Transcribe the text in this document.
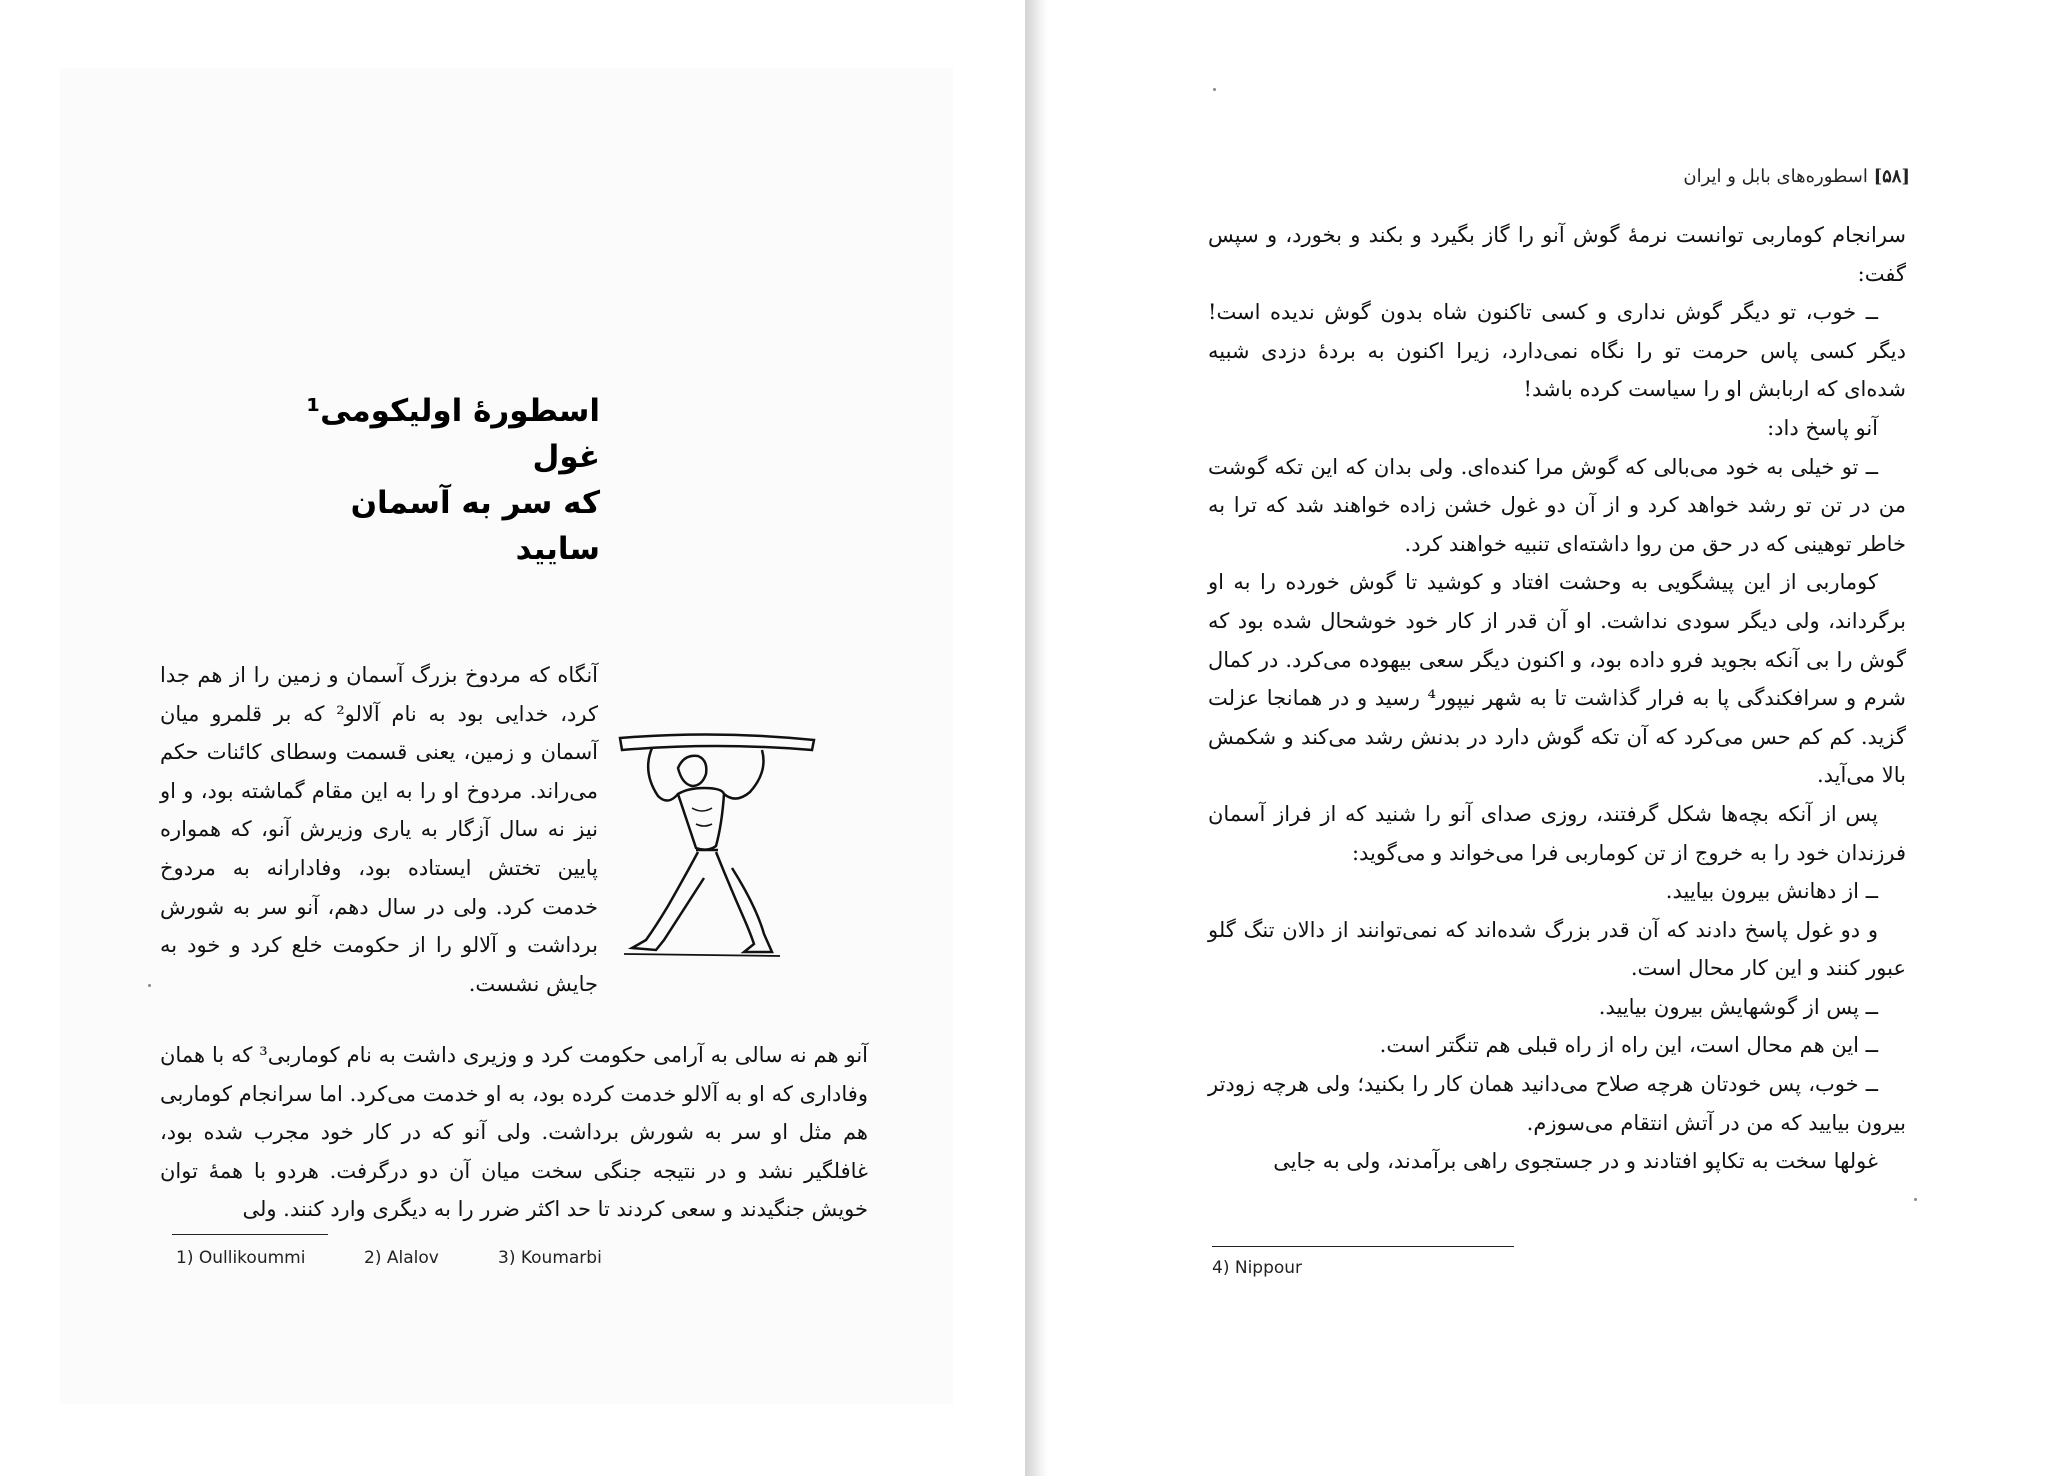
اسطورهٔ اولیکومی¹ غول
که سر به آسمان سایید
آنگاه که مردوخ بزرگ آسمان و زمین را از هم جدا کرد، خدایی بود به نام آلالو² که بر قلمرو میان آسمان و زمین، یعنی قسمت وسطای کائنات حکم می‌راند. مردوخ او را به این مقام گماشته بود، و او نیز نه سال آزگار به یاری وزیرش آنو، که همواره پایین تختش ایستاده بود، وفادارانه به مردوخ خدمت کرد. ولی در سال دهم، آنو سر به شورش برداشت و آلالو را از حکومت خلع کرد و خود به جایش نشست.
آنو هم نه سالی به آرامی حکومت کرد و وزیری داشت به نام کوماربی³ که با همان وفاداری که او به آلالو خدمت کرده بود، به او خدمت می‌کرد. اما سرانجام کوماربی هم مثل او سر به شورش برداشت. ولی آنو که در کار خود مجرب شده بود، غافلگیر نشد و در نتیجه جنگی سخت میان آن دو درگرفت. هردو با همهٔ توان خویش جنگیدند و سعی کردند تا حد اکثر ضرر را به دیگری وارد کنند. ولی
1) Oullikoummi	2) Alalov	3) Koumarbi
[۵۸] اسطوره‌های بابل و ایران

سرانجام کوماربی توانست نرمهٔ گوش آنو را گاز بگیرد و بکند و بخورد، و سپس گفت:

ــ خوب، تو دیگر گوش نداری و کسی تاکنون شاه بدون گوش ندیده است! دیگر کسی پاس حرمت تو را نگاه نمی‌دارد، زیرا اکنون به بردهٔ دزدی شبیه شده‌ای که اربابش او را سیاست کرده باشد!

آنو پاسخ داد:

ــ تو خیلی به خود می‌بالی که گوش مرا کنده‌ای. ولی بدان که این تکه گوشت من در تن تو رشد خواهد کرد و از آن دو غول خشن زاده خواهند شد که ترا به خاطر توهینی که در حق من روا داشته‌ای تنبیه خواهند کرد.

کوماربی از این پیشگویی به وحشت افتاد و کوشید تا گوش خورده را به او برگرداند، ولی دیگر سودی نداشت. او آن قدر از کار خود خوشحال شده بود که گوش را بی آنکه بجوید فرو داده بود، و اکنون دیگر سعی بیهوده می‌کرد. در کمال شرم و سرافکندگی پا به فرار گذاشت تا به شهر نیپور⁴ رسید و در همانجا عزلت گزید. کم کم حس می‌کرد که آن تکه گوش دارد در بدنش رشد می‌کند و شکمش بالا می‌آید.

پس از آنکه بچه‌ها شکل گرفتند، روزی صدای آنو را شنید که از فراز آسمان فرزندان خود را به خروج از تن کوماربی فرا می‌خواند و می‌گوید:

ــ از دهانش بیرون بیایید.

و دو غول پاسخ دادند که آن قدر بزرگ شده‌اند که نمی‌توانند از دالان تنگ گلو عبور کنند و این کار محال است.

ــ پس از گوشهایش بیرون بیایید.

ــ این هم محال است، این راه از راه قبلی هم تنگتر است.

ــ خوب، پس خودتان هرچه صلاح می‌دانید همان کار را بکنید؛ ولی هرچه زودتر بیرون بیایید که من در آتش انتقام می‌سوزم.

غولها سخت به تکاپو افتادند و در جستجوی راهی برآمدند، ولی به جایی

4) Nippour
